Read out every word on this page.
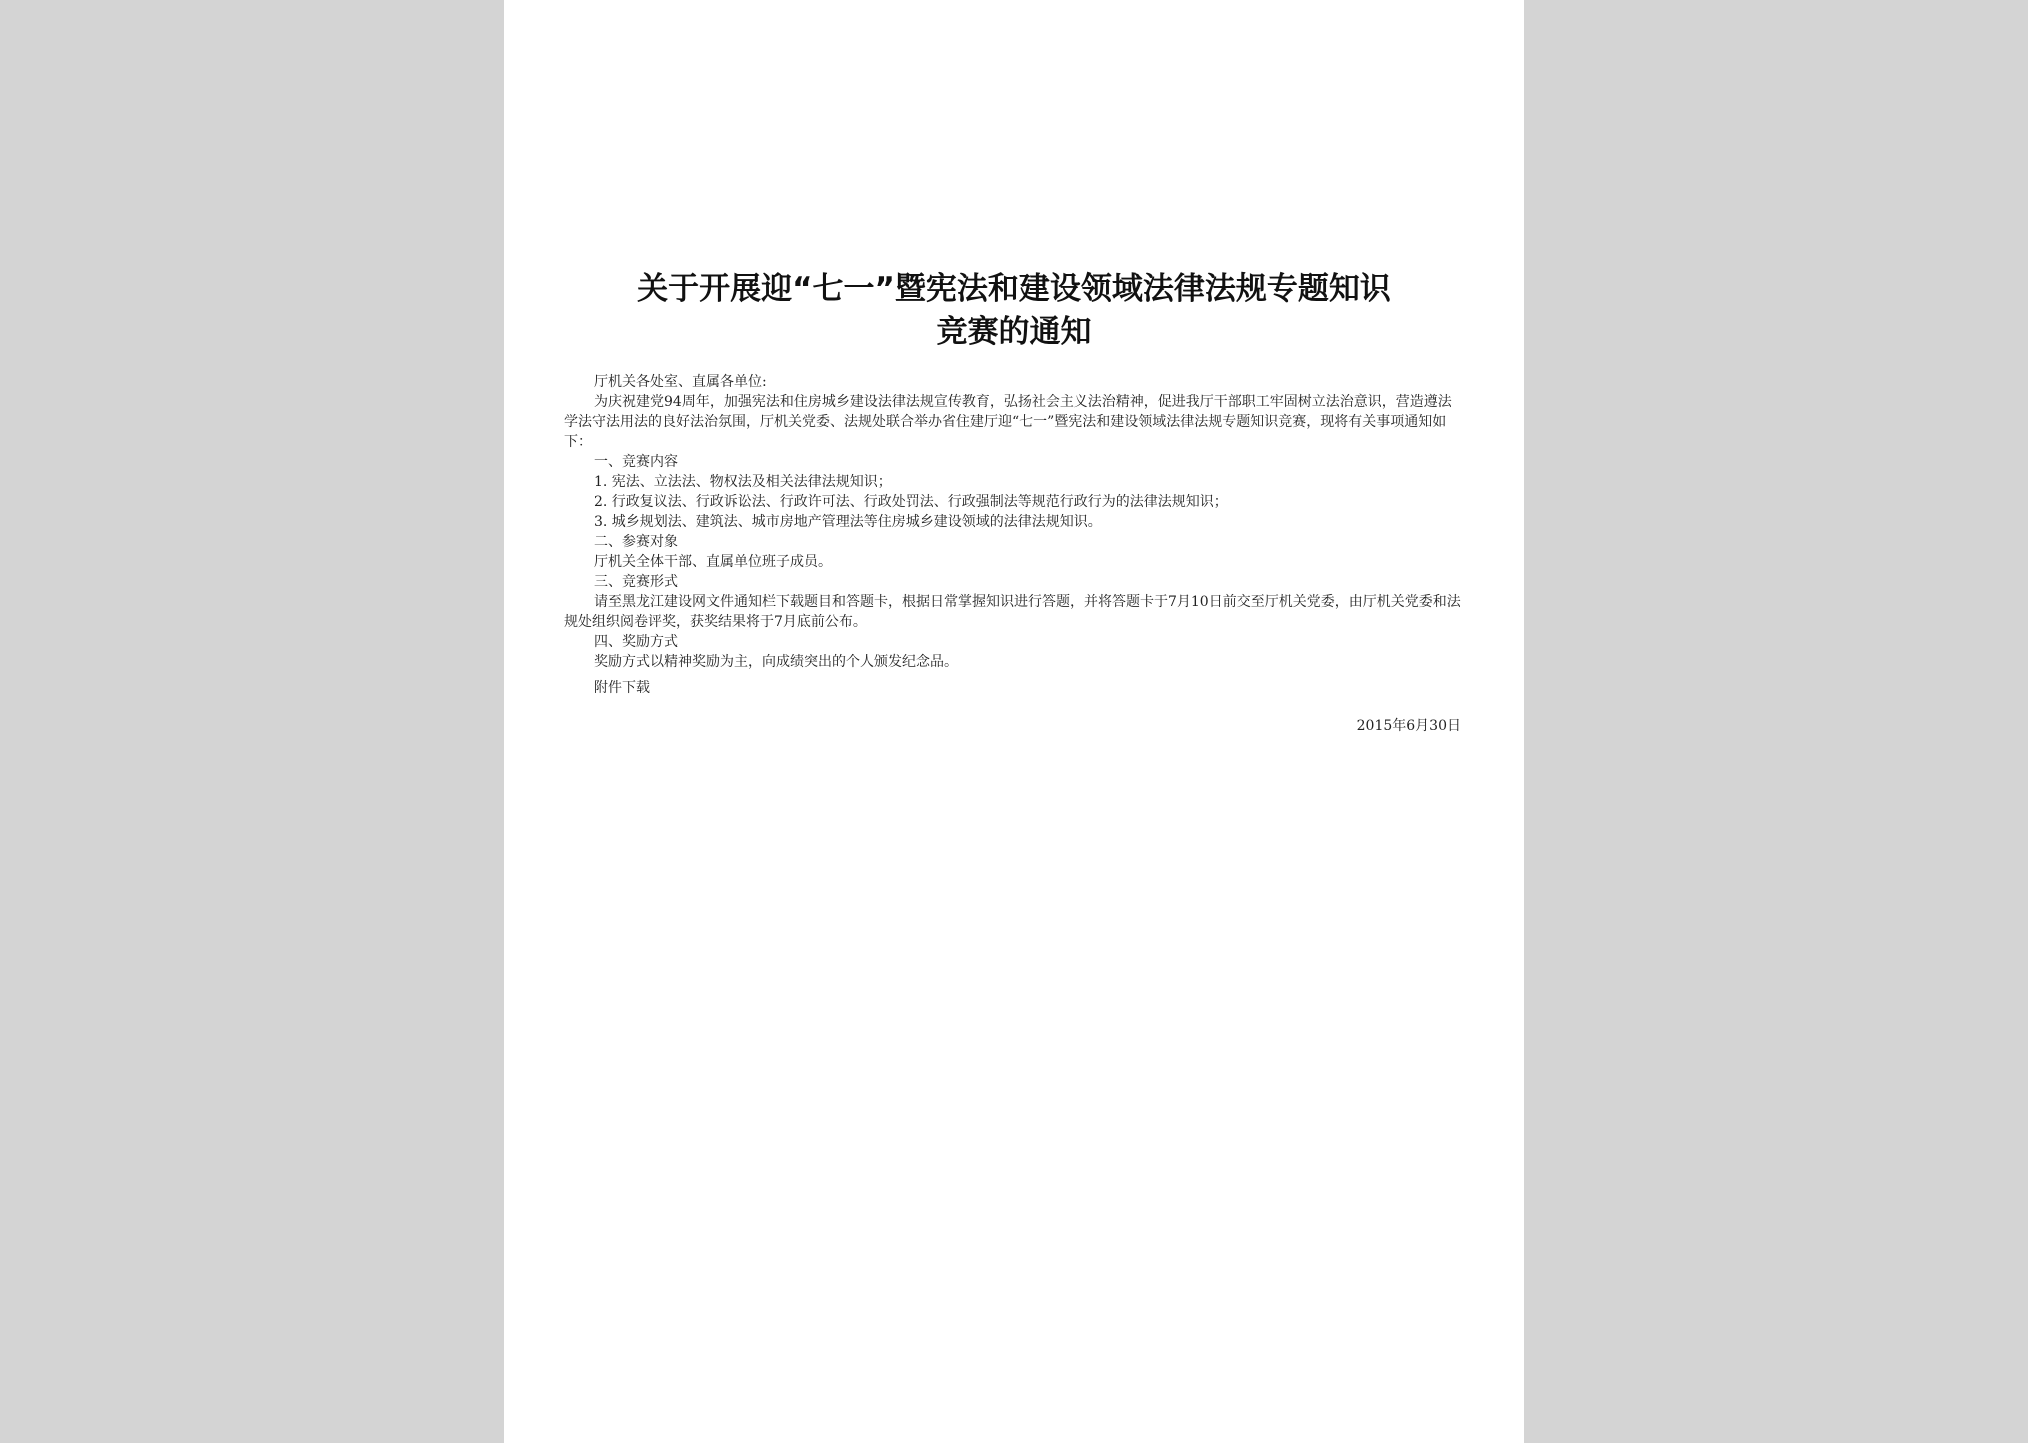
关于开展迎“七一”暨宪法和建设领域法律法规专题知识
竞赛的通知

厅机关各处室、直属各单位:

为庆祝建党94周年，加强宪法和住房城乡建设法律法规宣传教育，弘扬社会主义法治精神，促进我厅干部职工牢固树立法治意识，营造遵法学法守法用法的良好法治氛围，厅机关党委、法规处联合举办省住建厅迎“七一”暨宪法和建设领域法律法规专题知识竞赛，现将有关事项通知如下：

一、竞赛内容

1. 宪法、立法法、物权法及相关法律法规知识；

2. 行政复议法、行政诉讼法、行政许可法、行政处罚法、行政强制法等规范行政行为的法律法规知识；

3. 城乡规划法、建筑法、城市房地产管理法等住房城乡建设领域的法律法规知识。

二、参赛对象

厅机关全体干部、直属单位班子成员。

三、竞赛形式

请至黑龙江建设网文件通知栏下载题目和答题卡，根据日常掌握知识进行答题，并将答题卡于7月10日前交至厅机关党委，由厅机关党委和法规处组织阅卷评奖，获奖结果将于7月底前公布。

四、奖励方式

奖励方式以精神奖励为主，向成绩突出的个人颁发纪念品。

附件下载

2015年6月30日
